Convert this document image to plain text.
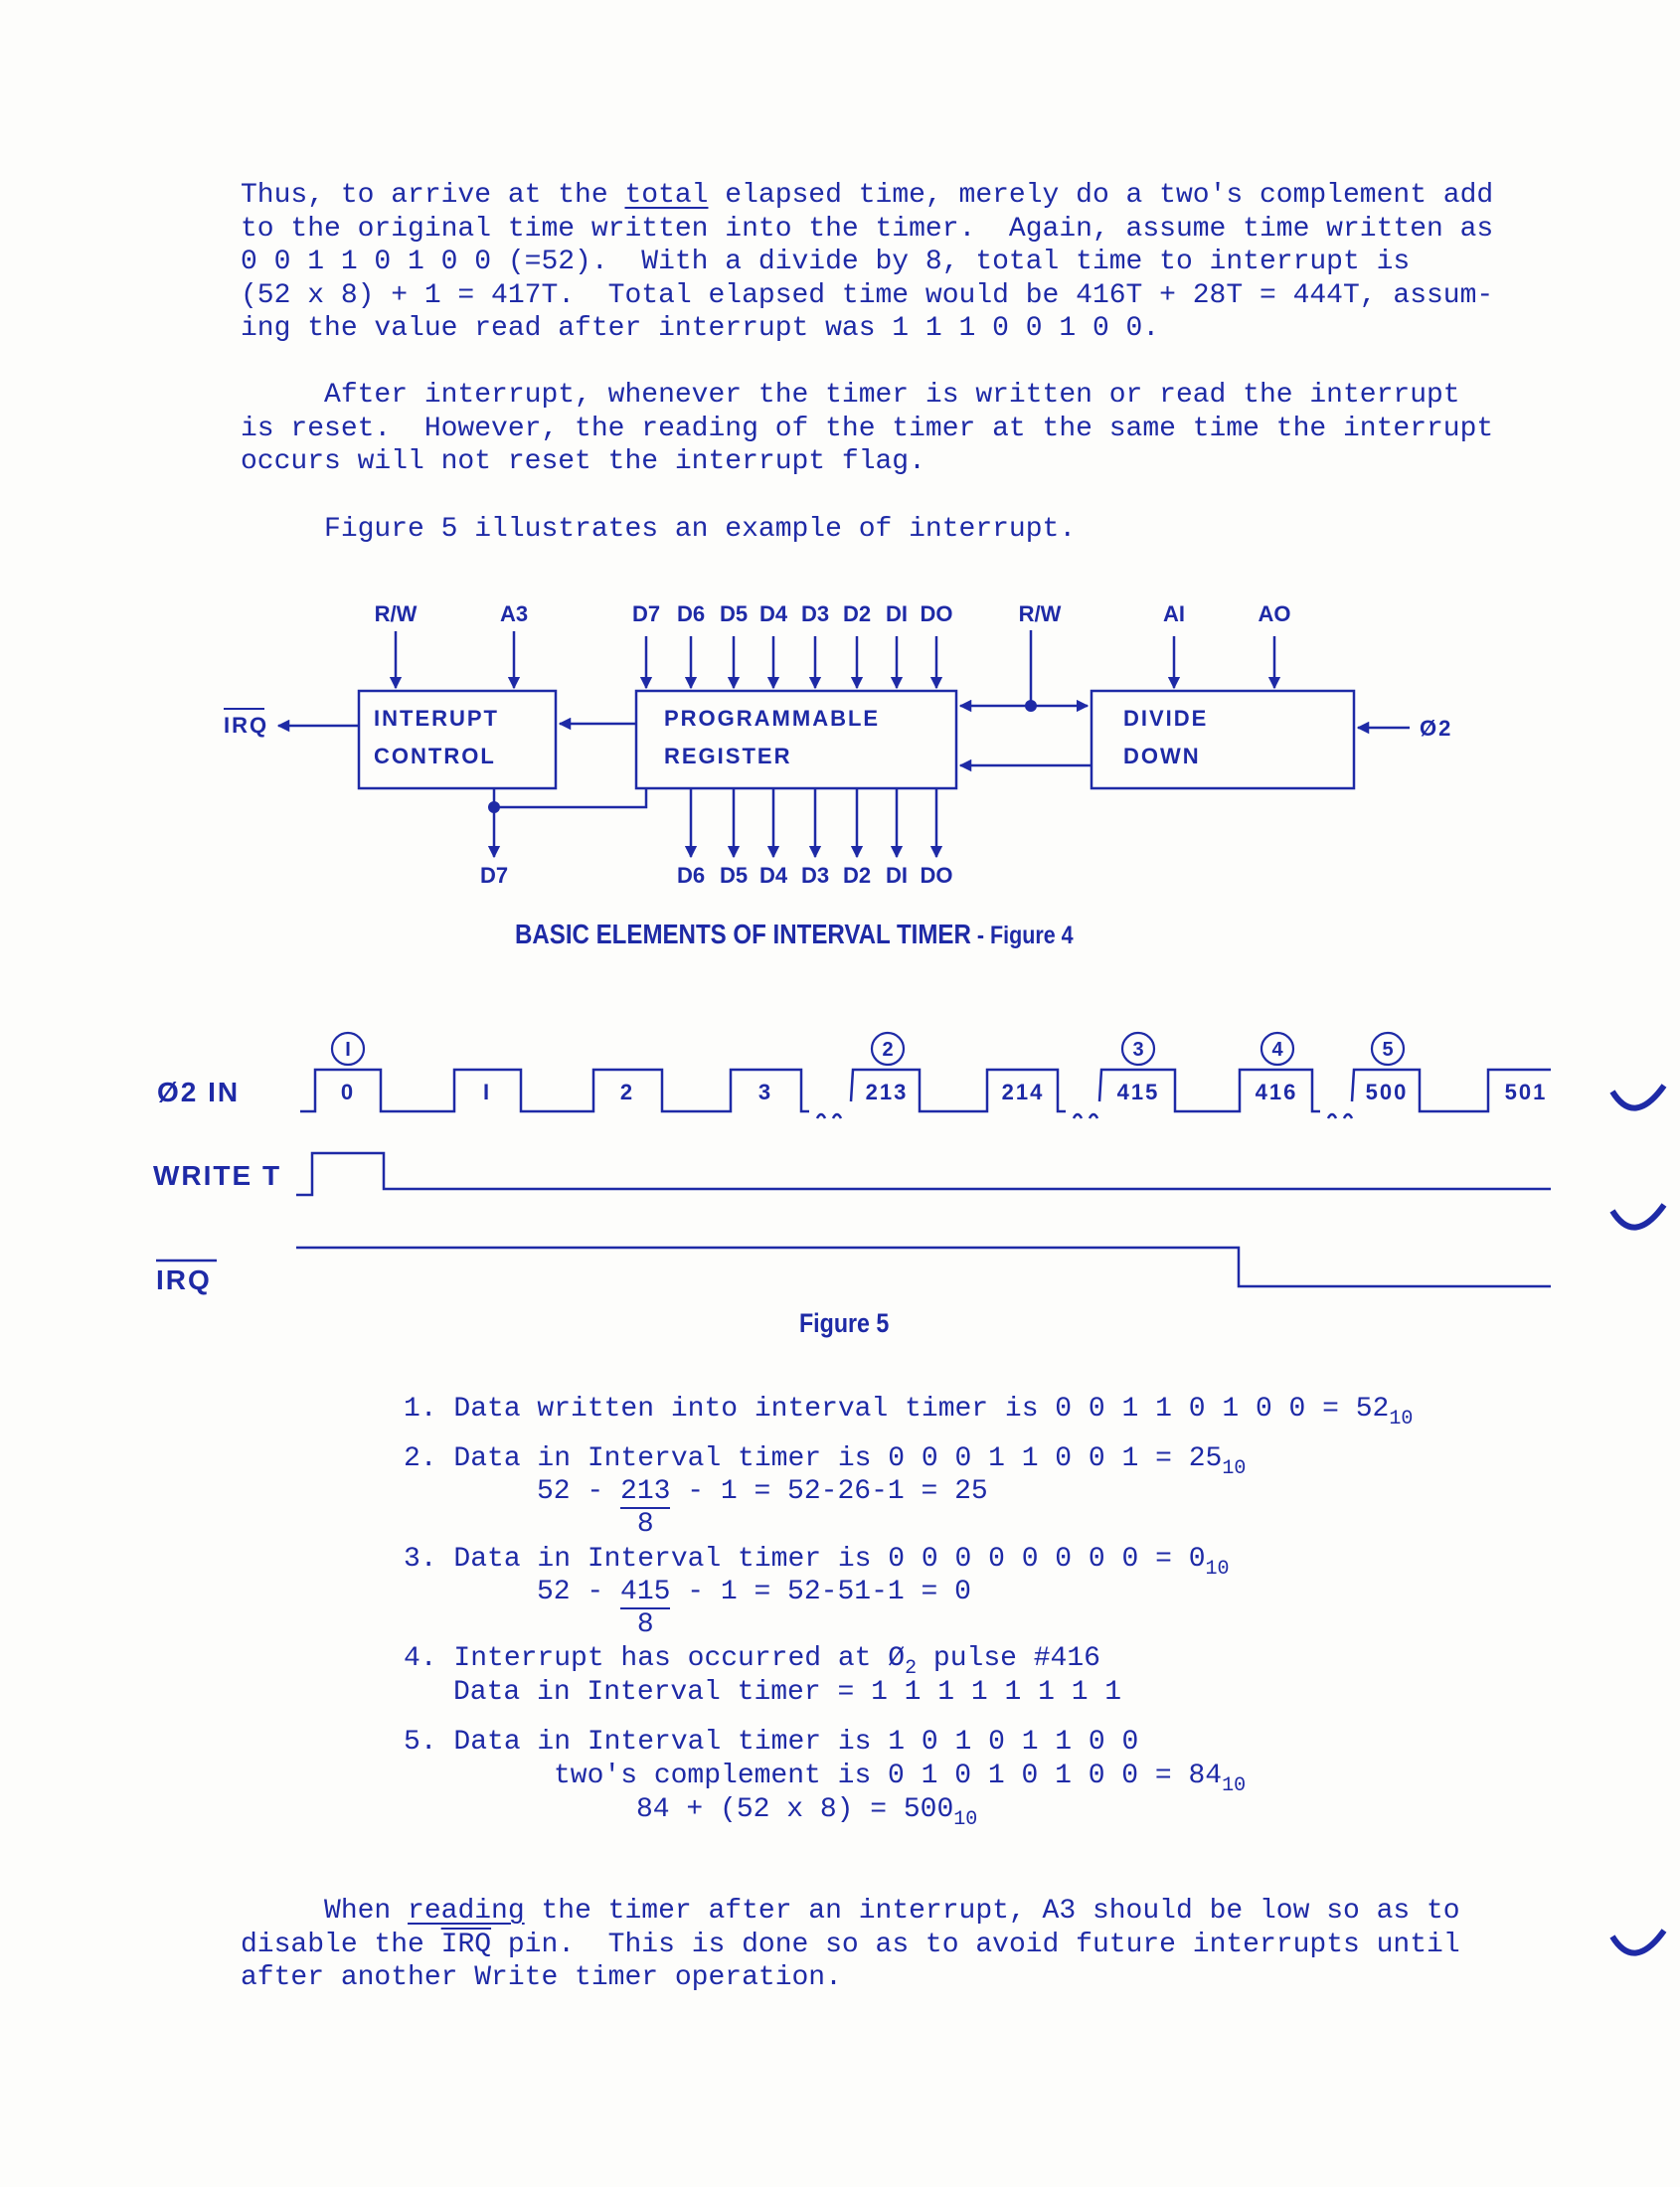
Thus, to arrive at the total elapsed time, merely do a two's complement add
to the original time written into the timer.  Again, assume time written as
0 0 1 1 0 1 0 0 (=52).  With a divide by 8, total time to interrupt is
(52 x 8) + 1 = 417T.  Total elapsed time would be 416T + 28T = 444T, assum-
ing the value read after interrupt was 1 1 1 0 0 1 0 0.
After interrupt, whenever the timer is written or read the interrupt
is reset.  However, the reading of the timer at the same time the interrupt
occurs will not reset the interrupt flag.
Figure 5 illustrates an example of interrupt.
R/W	A3	D7 D6 D5 D4 D3 D2 DI DO	R/W	AI	AO
D7	D6 D5 D4 D3 D2 DI DO
IRQ	Ø2
INTERUPT
CONTROL
PROGRAMMABLE
REGISTER
DIVIDE
DOWN
BASIC ELEMENTS OF INTERVAL TIMER - Figure 4
Ø2 IN
WRITE T
IRQ
0	I	2	3	213	214	415	416	500	501
I	2	3	4	5
Figure 5
1. Data written into interval timer is 0 0 1 1 0 1 0 $0 = 52_{10}$
2. Data in Interval timer is 0 0 0 1 1 0 0 $1 = 25_{10}$
$52 - \frac{213}{8} - 1 = 52-26-1 = 25$
3. Data in Interval timer is 0 0 0 0 0 0 0 $0 = 0_{10}$
$52 - \frac{415}{8} - 1 = 52-51-1 = 0$
4. Interrupt has occurred at $Ø_2$ pulse #416
Data in Interval timer = 1 1 1 1 1 1 1 1
5. Data in Interval timer is 1 0 1 0 1 1 0 0
two's complement is 0 1 0 1 0 1 0 $0 = 84_{10}$
84 + (52 x $8) = 500_{10}$
When reading the timer after an interrupt, A3 should be low so as to
disable the $\overline{IRQ}$ pin.  This is done so as to avoid future interrupts until
after another Write timer operation.
